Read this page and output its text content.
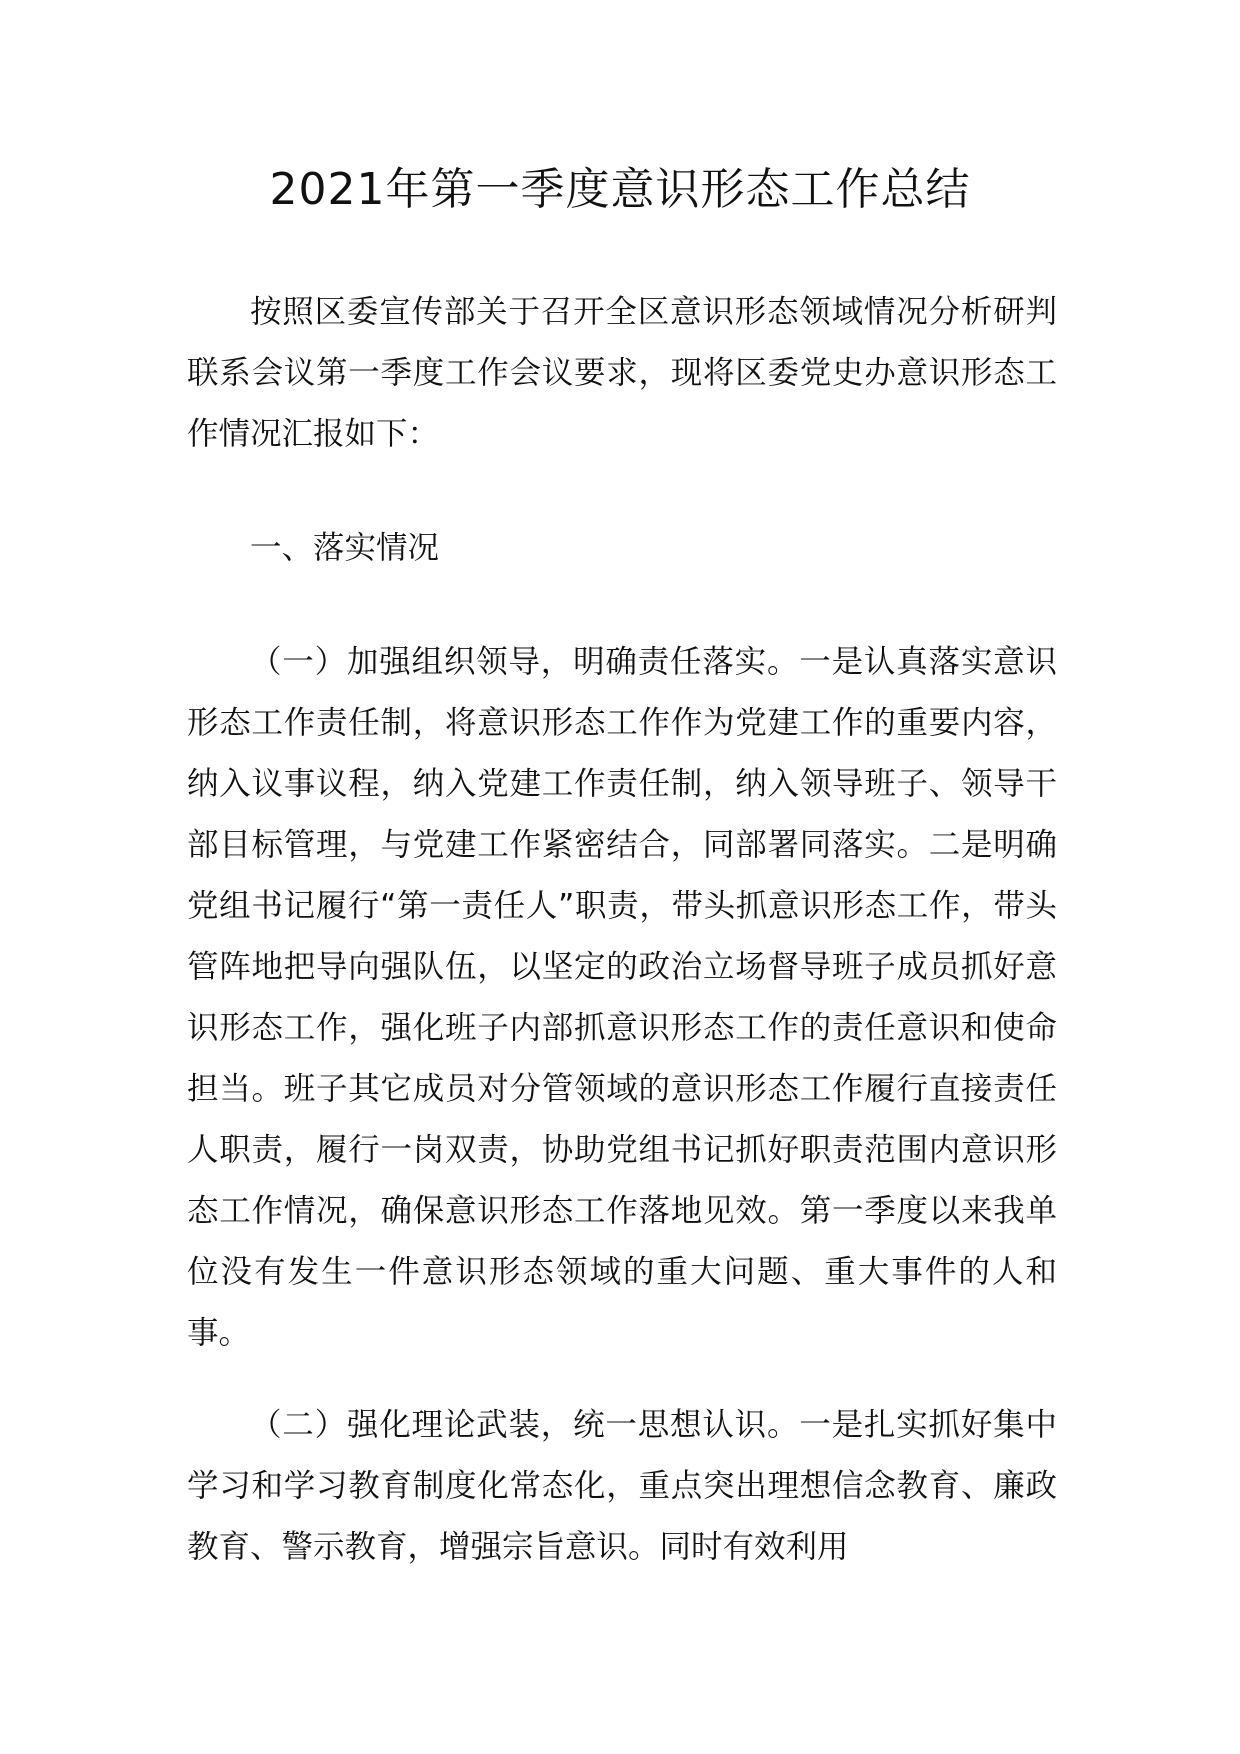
2021年第一季度意识形态工作总结

按照区委宣传部关于召开全区意识形态领域情况分析研判联系会议第一季度工作会议要求，现将区委党史办意识形态工作情况汇报如下：

一、落实情况

（一）加强组织领导，明确责任落实。一是认真落实意识形态工作责任制，将意识形态工作作为党建工作的重要内容，纳入议事议程，纳入党建工作责任制，纳入领导班子、领导干部目标管理，与党建工作紧密结合，同部署同落实。二是明确党组书记履行“第一责任人”职责，带头抓意识形态工作，带头管阵地把导向强队伍，以坚定的政治立场督导班子成员抓好意识形态工作，强化班子内部抓意识形态工作的责任意识和使命担当。班子其它成员对分管领域的意识形态工作履行直接责任人职责，履行一岗双责，协助党组书记抓好职责范围内意识形态工作情况，确保意识形态工作落地见效。第一季度以来我单位没有发生一件意识形态领域的重大问题、重大事件的人和事。

（二）强化理论武装，统一思想认识。一是扎实抓好集中学习和学习教育制度化常态化，重点突出理想信念教育、廉政教育、警示教育，增强宗旨意识。同时有效利用
